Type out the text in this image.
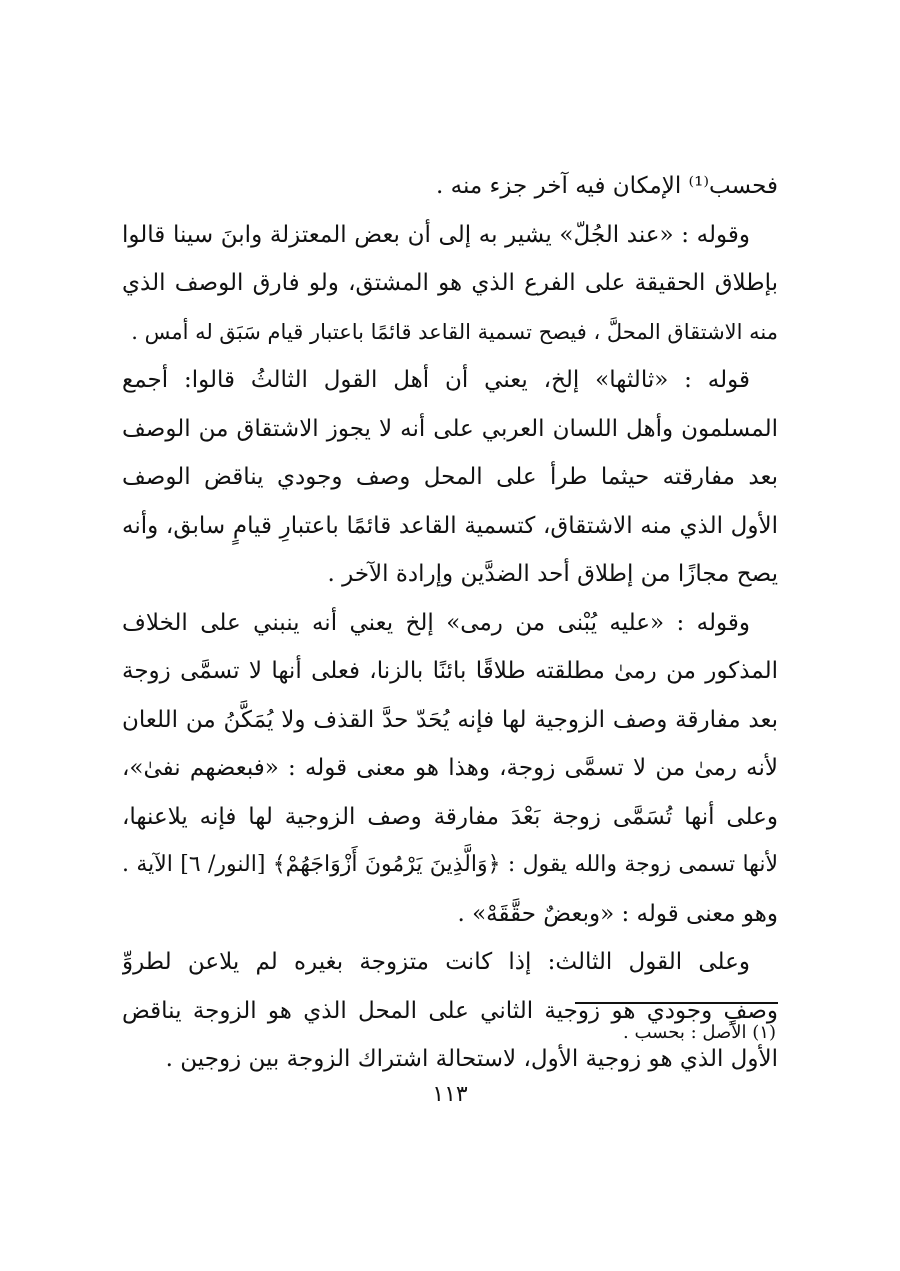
فحسب⁽¹⁾ الإمكان فيه آخر جزء منه .
وقوله : «عند الجُلّ» يشير به إلى أن بعض المعتزلة وابنَ سينا قالوا
بإطلاق الحقيقة على الفرع الذي هو المشتق، ولو فارق الوصف الذي
منه الاشتقاق المحلَّ ، فيصح تسمية القاعد قائمًا باعتبار قيام سَبَق له أمس .
قوله : «ثالثها» إلخ، يعني أن أهل القول الثالثُ قالوا: أجمع
المسلمون وأهل اللسان العربي على أنه لا يجوز الاشتقاق من الوصف
بعد مفارقته حيثما طرأ على المحل وصف وجودي يناقض الوصف
الأول الذي منه الاشتقاق، كتسمية القاعد قائمًا باعتبارِ قيامٍ سابق، وأنه
يصح مجازًا من إطلاق أحد الضدَّين وإرادة الآخر .
وقوله : «عليه يُبْنى من رمى» إلخ يعني أنه ينبني على الخلاف
المذكور من رمىٰ مطلقته طلاقًا بائنًا بالزنا، فعلى أنها لا تسمَّى زوجة
بعد مفارقة وصف الزوجية لها فإنه يُحَدّ حدَّ القذف ولا يُمَكَّنُ من اللعان
لأنه رمىٰ من لا تسمَّى زوجة، وهذا هو معنى قوله : «فبعضهم نفىٰ»،
وعلى أنها تُسَمَّى زوجة بَعْدَ مفارقة وصف الزوجية لها فإنه يلاعنها،
لأنها تسمى زوجة والله يقول : ﴿وَالَّذِينَ يَرْمُونَ أَزْوَاجَهُمْ﴾ [النور/ ٦] الآية .
وهو معنى قوله : «وبعضٌ حقَّقَهْ» .
وعلى القول الثالث: إذا كانت متزوجة بغيره لم يلاعن لطروِّ
وصفٍ وجودي هو زوجية الثاني على المحل الذي هو الزوجة يناقض
الأول الذي هو زوجية الأول، لاستحالة اشتراك الزوجة بين زوجين .
(١) الأصل : بحسب .
١١٣
